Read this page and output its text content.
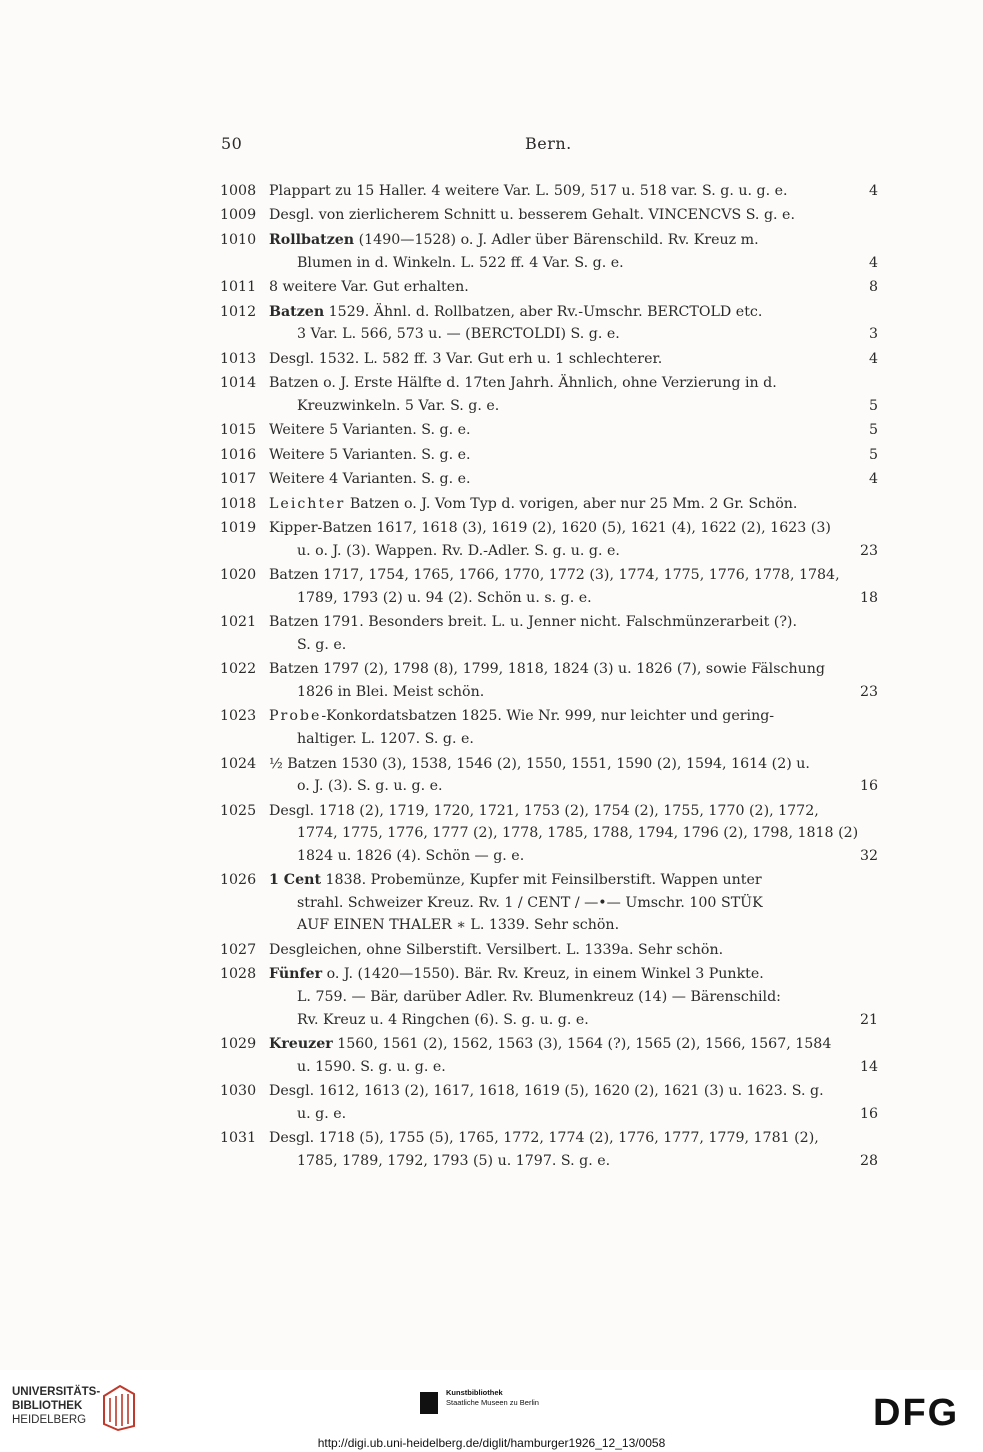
50	Bern.
1008 Plappart zu 15 Haller. 4 weitere Var. L. 509, 517 u. 518 var. S. g. u. g. e.	4
1009 Desgl. von zierlicherem Schnitt u. besserem Gehalt. VINCENCVS S. g. e.
1010 Rollbatzen (1490—1528) o. J. Adler über Bärenschild. Rv. Kreuz m.
Blumen in d. Winkeln. L. 522 ff. 4 Var. S. g. e.	4
1011 8 weitere Var. Gut erhalten.	8
1012 Batzen 1529. Ähnl. d. Rollbatzen, aber Rv.-Umschr. BERCTOLD etc.
3 Var. L. 566, 573 u. — (BERCTOLDI) S. g. e.	3
1013 Desgl. 1532. L. 582 ff. 3 Var. Gut erh u. 1 schlechterer.	4
1014 Batzen o. J. Erste Hälfte d. 17ten Jahrh. Ähnlich, ohne Verzierung in d.
Kreuzwinkeln. 5 Var. S. g. e.	5
1015 Weitere 5 Varianten. S. g. e.	5
1016 Weitere 5 Varianten. S. g. e.	5
1017 Weitere 4 Varianten. S. g. e.	4
1018 Leichter Batzen o. J. Vom Typ d. vorigen, aber nur 25 Mm. 2 Gr. Schön.
1019 Kipper-Batzen 1617, 1618 (3), 1619 (2), 1620 (5), 1621 (4), 1622 (2), 1623 (3)
u. o. J. (3). Wappen. Rv. D.-Adler. S. g. u. g. e.	23
1020 Batzen 1717, 1754, 1765, 1766, 1770, 1772 (3), 1774, 1775, 1776, 1778, 1784,
1789, 1793 (2) u. 94 (2). Schön u. s. g. e.	18
1021 Batzen 1791. Besonders breit. L. u. Jenner nicht. Falschmünzerarbeit (?).
S. g. e.
1022 Batzen 1797 (2), 1798 (8), 1799, 1818, 1824 (3) u. 1826 (7), sowie Fälschung
1826 in Blei. Meist schön.	23
1023 Probe-Konkordatsbatzen 1825. Wie Nr. 999, nur leichter und gering-
haltiger. L. 1207. S. g. e.
1024 ½ Batzen 1530 (3), 1538, 1546 (2), 1550, 1551, 1590 (2), 1594, 1614 (2) u.
o. J. (3). S. g. u. g. e.	16
1025 Desgl. 1718 (2), 1719, 1720, 1721, 1753 (2), 1754 (2), 1755, 1770 (2), 1772,
1774, 1775, 1776, 1777 (2), 1778, 1785, 1788, 1794, 1796 (2), 1798, 1818 (2)
1824 u. 1826 (4). Schön — g. e.	32
1026 1 Cent 1838. Probemünze, Kupfer mit Feinsilberstift. Wappen unter
strahl. Schweizer Kreuz. Rv. 1 / CENT / —•— Umschr. 100 STÜK
AUF EINEN THALER ∗ L. 1339. Sehr schön.
1027 Desgleichen, ohne Silberstift. Versilbert. L. 1339a. Sehr schön.
1028 Fünfer o. J. (1420—1550). Bär. Rv. Kreuz, in einem Winkel 3 Punkte.
L. 759. — Bär, darüber Adler. Rv. Blumenkreuz (14) — Bärenschild:
Rv. Kreuz u. 4 Ringchen (6). S. g. u. g. e.	21
1029 Kreuzer 1560, 1561 (2), 1562, 1563 (3), 1564 (?), 1565 (2), 1566, 1567, 1584
u. 1590. S. g. u. g. e.	14
1030 Desgl. 1612, 1613 (2), 1617, 1618, 1619 (5), 1620 (2), 1621 (3) u. 1623. S. g.
u. g. e.	16
1031 Desgl. 1718 (5), 1755 (5), 1765, 1772, 1774 (2), 1776, 1777, 1779, 1781 (2),
1785, 1789, 1792, 1793 (5) u. 1797. S. g. e.	28
UNIVERSITÄTS-
BIBLIOTHEK
HEIDELBERG
Kunstbibliothek
Staatliche Museen zu Berlin	DFG
http://digi.ub.uni-heidelberg.de/diglit/hamburger1926_12_13/0058
